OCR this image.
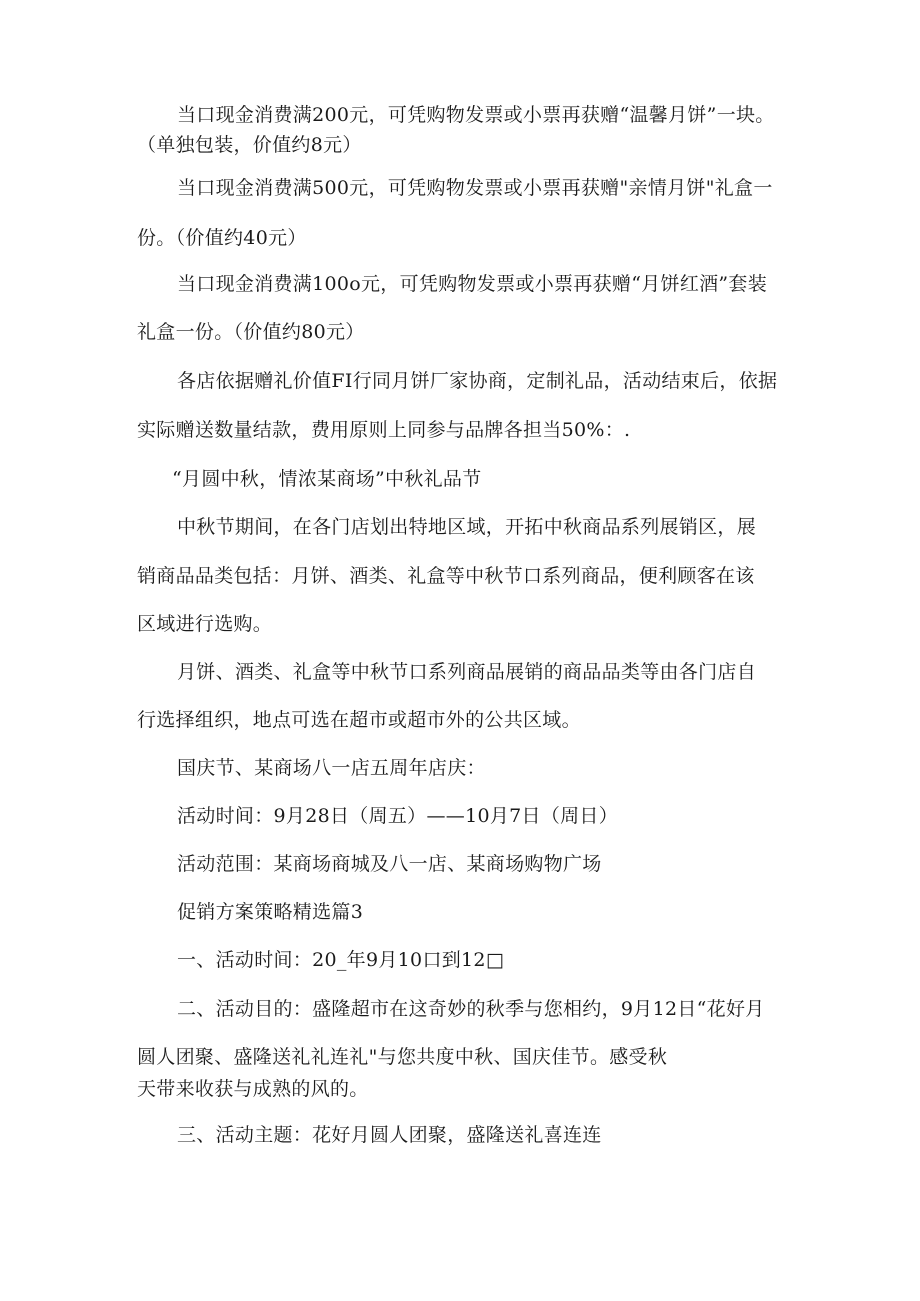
当口现金消费满200元，可凭购物发票或小票再获赠“温馨月饼”一块。
（单独包装，价值约8元）
当口现金消费满500元，可凭购物发票或小票再获赠"亲情月饼"礼盒一
份。（价值约40元）
当口现金消费满100o元，可凭购物发票或小票再获赠“月饼红酒”套装
礼盒一份。（价值约80元）
各店依据赠礼价值FI行同月饼厂家协商，定制礼品，活动结束后，依据
实际赠送数量结款，费用原则上同参与品牌各担当50%：.
“月圆中秋，情浓某商场”中秋礼品节
中秋节期间，在各门店划出特地区域，开拓中秋商品系列展销区，展
销商品品类包括：月饼、酒类、礼盒等中秋节口系列商品，便利顾客在该
区域进行选购。
月饼、酒类、礼盒等中秋节口系列商品展销的商品品类等由各门店自
行选择组织，地点可选在超市或超市外的公共区域。
国庆节、某商场八一店五周年店庆：
活动时间：9月28日（周五）——10月7日（周日）
活动范围：某商场商城及八一店、某商场购物广场
促销方案策略精选篇3
一、活动时间：20_年9月10口到12□
二、活动目的：盛隆超市在这奇妙的秋季与您相约，9月12日“花好月
圆人团聚、盛隆送礼礼连礼"与您共度中秋、国庆佳节。感受秋
天带来收获与成熟的风的。
三、活动主题：花好月圆人团聚，盛隆送礼喜连连
